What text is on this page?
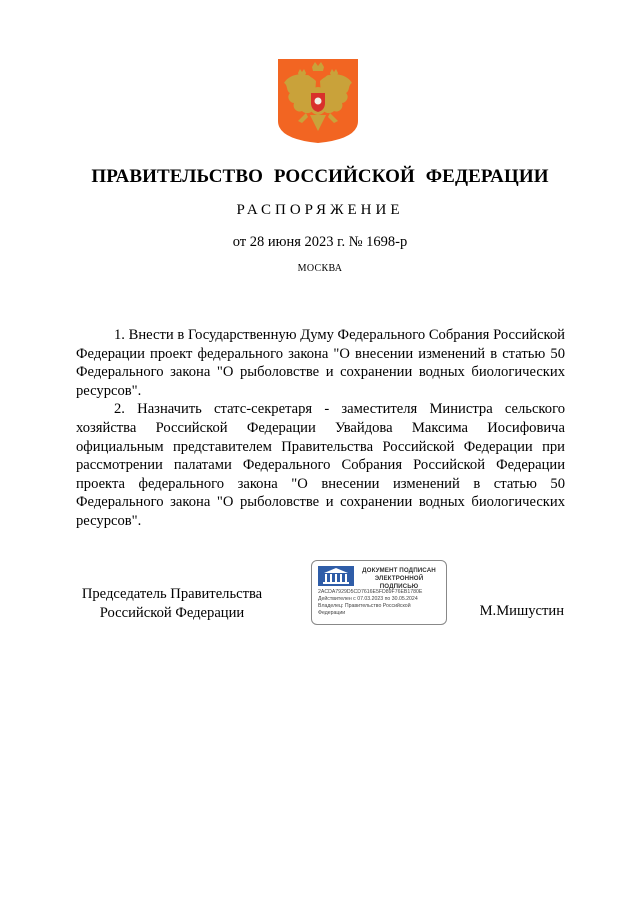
ПРАВИТЕЛЬСТВО РОССИЙСКОЙ ФЕДЕРАЦИИ
РАСПОРЯЖЕНИЕ
от 28 июня 2023 г. № 1698-р
МОСКВА

1. Внести в Государственную Думу Федерального Собрания Российской Федерации проект федерального закона "О внесении изменений в статью 50 Федерального закона "О рыболовстве и сохранении водных биологических ресурсов".

2. Назначить статс-секретаря - заместителя Министра сельского хозяйства Российской Федерации Увайдова Максима Иосифовича официальным представителем Правительства Российской Федерации при рассмотрении палатами Федерального Собрания Российской Федерации проекта федерального закона "О внесении изменений в статью 50 Федерального закона "О рыболовстве и сохранении водных биологических ресурсов".

Председатель Правительства
Российской Федерации
ДОКУМЕНТ ПОДПИСАН
ЭЛЕКТРОННОЙ ПОДПИСЬЮ
2ACDA7929D5CD7616E5FD89F76EB1780E
Действителен с 07.03.2023 по 30.05.2024
Владелец: Правительство Российской
Федерации	М.Мишустин
